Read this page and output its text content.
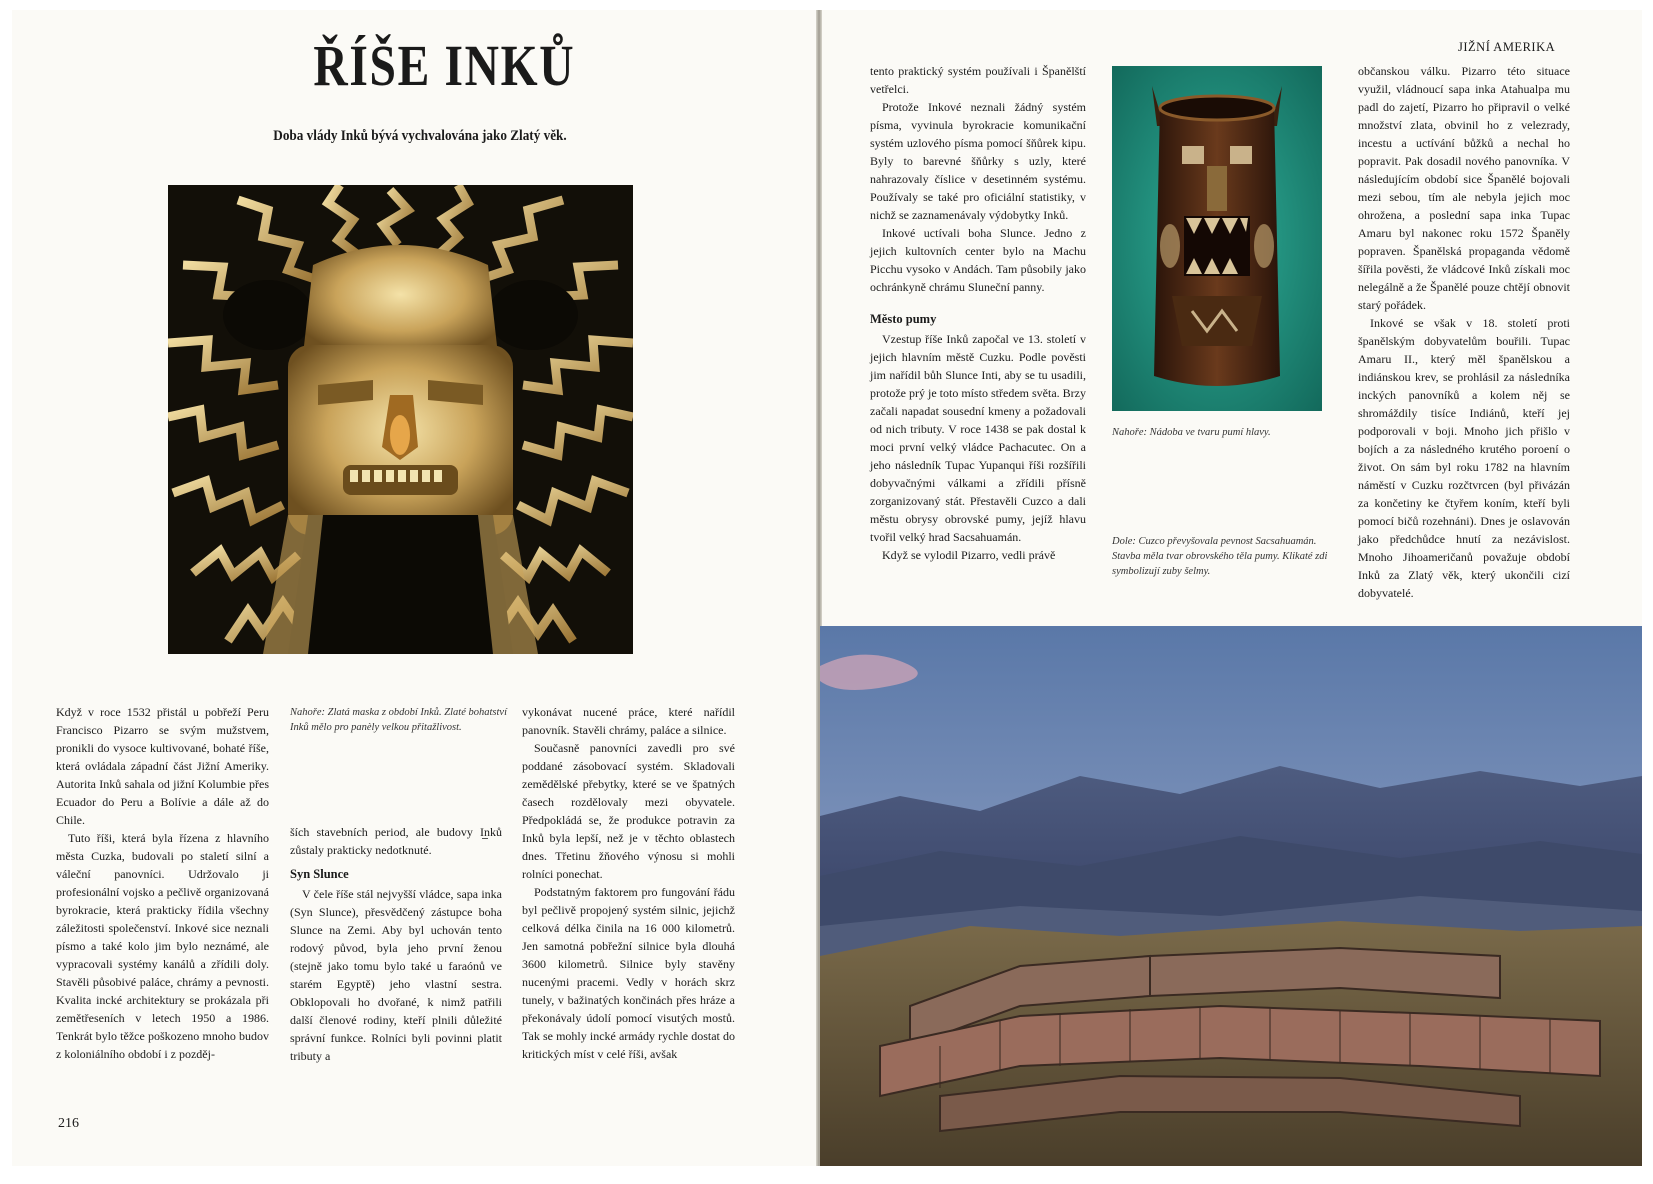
ŘÍŠE INKŮ
Doba vlády Inků bývá vychvalována jako Zlatý věk.
Nahoře: Zlatá maska z období Inků. Zlaté bohatství Inků mělo pro panèly velkou přitažlivost.

Když v roce 1532 přistál u pobřeží Peru Francisco Pizarro se svým mužstvem, pronikli do vysoce kultivované, bohaté říše, která ovládala západní část Jižní Ameriky. Autorita Inků sahala od jižní Kolumbie přes Ecuador do Peru a Bolívie a dále až do Chile.

Tuto říši, která byla řízena z hlavního města Cuzka, budovali po staletí silní a váleční panovníci. Udržovalo ji profesionální vojsko a pečlivě organizovaná byrokracie, která prakticky řídila všechny záležitosti společenství. Inkové sice neznali písmo a také kolo jim bylo neznámé, ale vypracovali systémy kanálů a zřídili doly. Stavěli působivé paláce, chrámy a pevnosti. Kvalita incké architektury se prokázala při zemětřeseních v letech 1950 a 1986. Tenkrát bylo těžce poškozeno mnoho budov z koloniálního období i z pozděj-

ších stavebních period, ale budovy Inků zůstaly prakticky nedotknuté.

Syn Slunce

V čele říše stál nejvyšší vládce, sapa inka (Syn Slunce), přesvědčený zástupce boha Slunce na Zemi. Aby byl uchován tento rodový původ, byla jeho první ženou (stejně jako tomu bylo také u faraónů ve starém Egyptě) jeho vlastní sestra. Obklopovali ho dvořané, k nimž patřili další členové rodiny, kteří plnili důležité správní funkce. Rolníci byli povinni platit tributy a

vykonávat nucené práce, které nařídil panovník. Stavěli chrámy, paláce a silnice.

Současně panovníci zavedli pro své poddané zásobovací systém. Skladovali zemědělské přebytky, které se ve špatných časech rozdělovaly mezi obyvatele. Předpokládá se, že produkce potravin za Inků byla lepší, než je v těchto oblastech dnes. Třetinu žňového výnosu si mohli rolníci ponechat.

Podstatným faktorem pro fungování řádu byl pečlivě propojený systém silnic, jejichž celková délka činila na 16 000 kilometrů. Jen samotná pobřežní silnice byla dlouhá 3600 kilometrů. Silnice byly stavěny nucenými pracemi. Vedly v horách skrz tunely, v bažinatých končinách přes hráze a překonávaly údolí pomocí visutých mostů. Tak se mohly incké armády rychle dostat do kritických míst v celé říši, avšak

216
JIŽNÍ AMERIKA

tento praktický systém používali i Španělští vetřelci.

Protože Inkové neznali žádný systém písma, vyvinula byrokracie komunikační systém uzlového písma pomocí šňůrek kipu. Byly to barevné šňůrky s uzly, které nahrazovaly číslice v desetinném systému. Používaly se také pro oficiální statistiky, v nichž se zaznamenávaly výdobytky Inků.

Inkové uctívali boha Slunce. Jedno z jejich kultovních center bylo na Machu Picchu vysoko v Andách. Tam působily jako ochránkyně chrámu Sluneční panny.

Město pumy

Vzestup říše Inků započal ve 13. století v jejich hlavním městě Cuzku. Podle pověsti jim nařídil bůh Slunce Inti, aby se tu usadili, protože prý je toto místo středem světa. Brzy začali napadat sousední kmeny a požadovali od nich tributy. V roce 1438 se pak dostal k moci první velký vládce Pachacutec. On a jeho následník Tupac Yupanqui říši rozšířili dobyvačnými válkami a zřídili přísně zorganizovaný stát. Přestavěli Cuzco a dali městu obrysy obrovské pumy, jejíž hlavu tvořil velký hrad Sacsahuamán.

Když se vylodil Pizarro, vedli právě

Nahoře: Nádoba ve tvaru pumí hlavy.
Dole: Cuzco převyšovala pevnost Sacsahuamán. Stavba měla tvar obrovského těla pumy. Klikaté zdi symbolizují zuby šelmy.

občanskou válku. Pizarro této situace využil, vládnoucí sapa inka Atahualpa mu padl do zajetí, Pizarro ho připravil o velké množství zlata, obvinil ho z velezrady, incestu a uctívání bůžků a nechal ho popravit. Pak dosadil nového panovníka. V následujícím období sice Španělé bojovali mezi sebou, tím ale nebyla jejich moc ohrožena, a poslední sapa inka Tupac Amaru byl nakonec roku 1572 Španěly popraven. Španělská propaganda vědomě šířila pověsti, že vládcové Inků získali moc nelegálně a že Španělé pouze chtějí obnovit starý pořádek.

Inkové se však v 18. století proti španělským dobyvatelům bouřili. Tupac Amaru II., který měl španělskou a indiánskou krev, se prohlásil za následníka inckých panovníků a kolem něj se shromáždily tisíce Indiánů, kteří jej podporovali v boji. Mnoho jich přišlo v bojích a za následného krutého poroení o život. On sám byl roku 1782 na hlavním náměstí v Cuzku rozčtvrcen (byl přivázán za končetiny ke čtyřem koním, kteří byli pomocí bičů rozehnáni). Dnes je oslavován jako předchůdce hnutí za nezávislost. Mnoho Jihoameričanů považuje období Inků za Zlatý věk, který ukončili cizí dobyvatelé.
